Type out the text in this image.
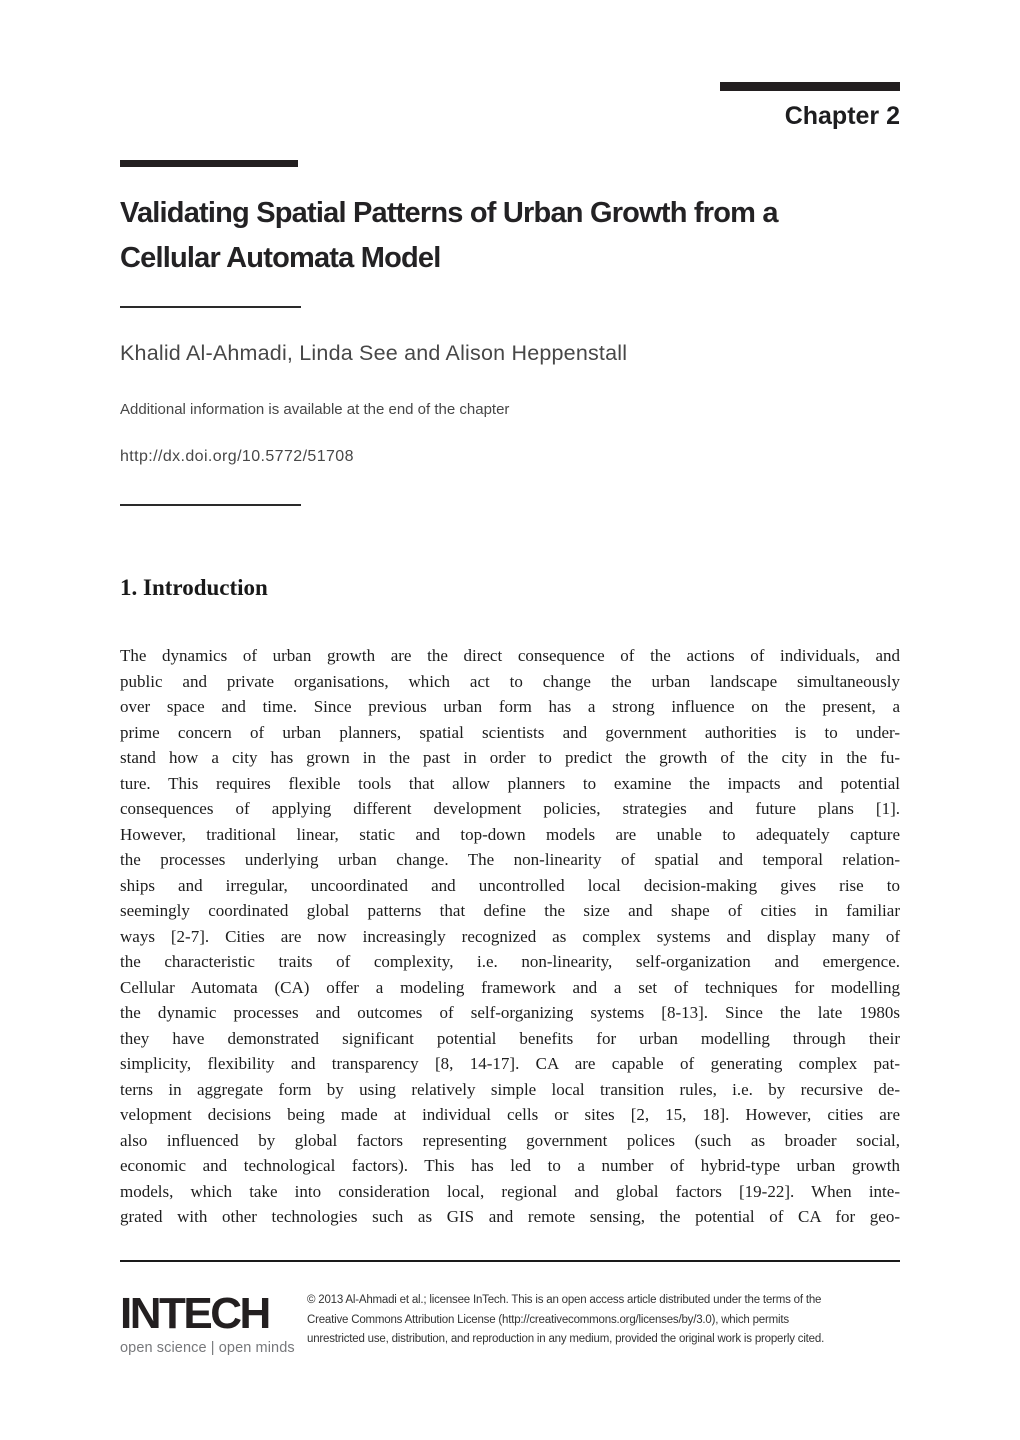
Chapter 2
Validating Spatial Patterns of Urban Growth from a
Cellular Automata Model
Khalid Al-Ahmadi, Linda See and Alison Heppenstall
Additional information is available at the end of the chapter
http://dx.doi.org/10.5772/51708
1. Introduction
The dynamics of urban growth are the direct consequence of the actions of individuals, and
public and private organisations, which act to change the urban landscape simultaneously
over space and time. Since previous urban form has a strong influence on the present, a
prime concern of urban planners, spatial scientists and government authorities is to under-
stand how a city has grown in the past in order to predict the growth of the city in the fu-
ture. This requires flexible tools that allow planners to examine the impacts and potential
consequences of applying different development policies, strategies and future plans [1].
However, traditional linear, static and top-down models are unable to adequately capture
the processes underlying urban change. The non-linearity of spatial and temporal relation-
ships and irregular, uncoordinated and uncontrolled local decision-making gives rise to
seemingly coordinated global patterns that define the size and shape of cities in familiar
ways [2-7]. Cities are now increasingly recognized as complex systems and display many of
the characteristic traits of complexity, i.e. non-linearity, self-organization and emergence.
Cellular Automata (CA) offer a modeling framework and a set of techniques for modelling
the dynamic processes and outcomes of self-organizing systems [8-13]. Since the late 1980s
they have demonstrated significant potential benefits for urban modelling through their
simplicity, flexibility and transparency [8, 14-17]. CA are capable of generating complex pat-
terns in aggregate form by using relatively simple local transition rules, i.e. by recursive de-
velopment decisions being made at individual cells or sites [2, 15, 18]. However, cities are
also influenced by global factors representing government polices (such as broader social,
economic and technological factors). This has led to a number of hybrid-type urban growth
models, which take into consideration local, regional and global factors [19-22]. When inte-
grated with other technologies such as GIS and remote sensing, the potential of CA for geo-
INTECH
open science | open minds
© 2013 Al-Ahmadi et al.; licensee InTech. This is an open access article distributed under the terms of the
Creative Commons Attribution License (http://creativecommons.org/licenses/by/3.0), which permits
unrestricted use, distribution, and reproduction in any medium, provided the original work is properly cited.
